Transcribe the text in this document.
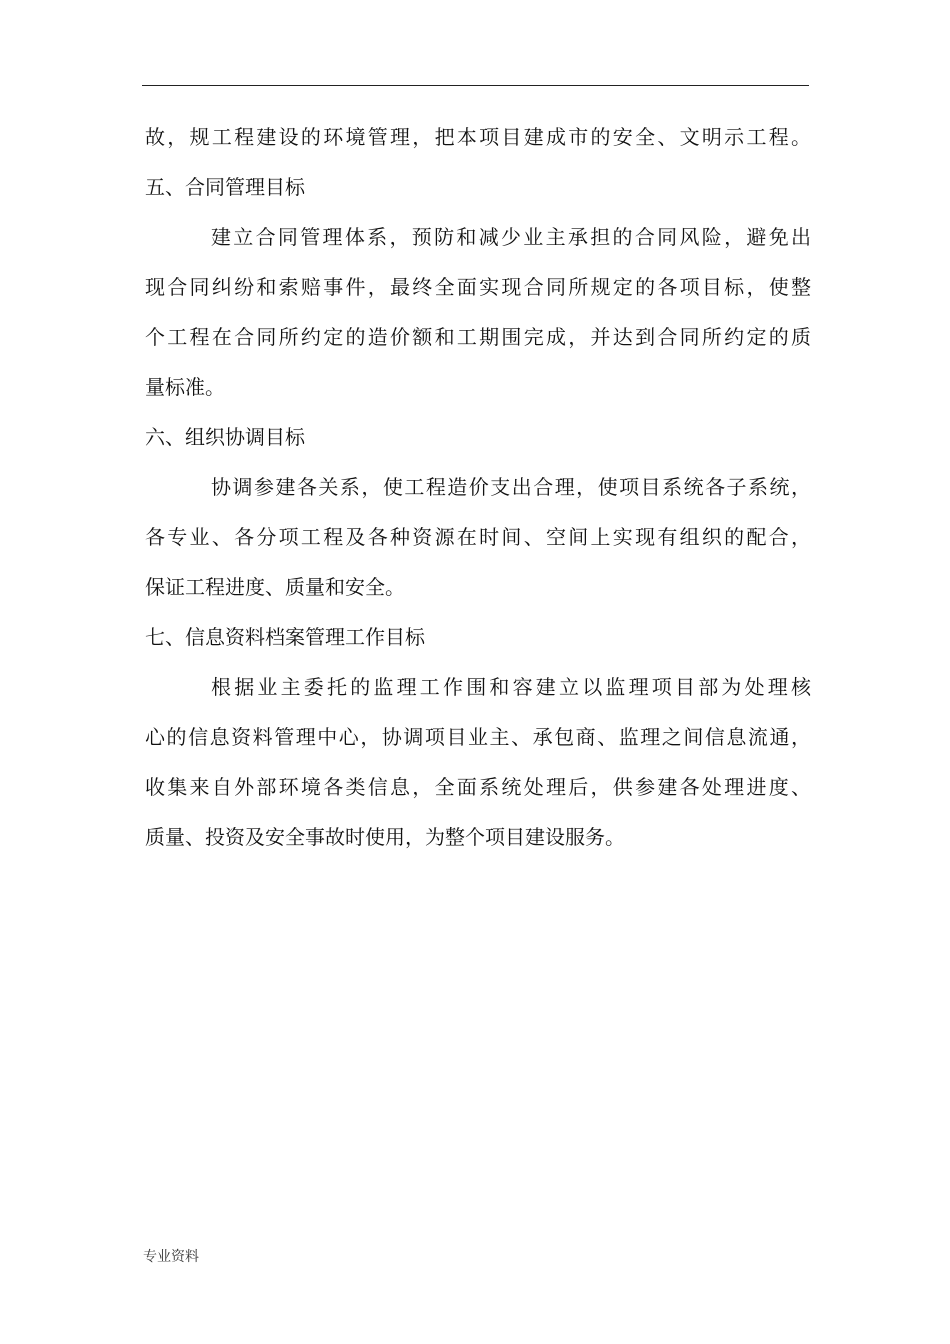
故，规工程建设的环境管理，把本项目建成市的安全、文明示工程。
五、合同管理目标
建立合同管理体系，预防和减少业主承担的合同风险，避免出
现合同纠纷和索赔事件，最终全面实现合同所规定的各项目标，使整
个工程在合同所约定的造价额和工期围完成，并达到合同所约定的质
量标准。
六、组织协调目标
协调参建各关系，使工程造价支出合理，使项目系统各子系统，
各专业、各分项工程及各种资源在时间、空间上实现有组织的配合，
保证工程进度、质量和安全。
七、信息资料档案管理工作目标
根据业主委托的监理工作围和容建立以监理项目部为处理核
心的信息资料管理中心，协调项目业主、承包商、监理之间信息流通，
收集来自外部环境各类信息，全面系统处理后，供参建各处理进度、
质量、投资及安全事故时使用，为整个项目建设服务。
专业资料
